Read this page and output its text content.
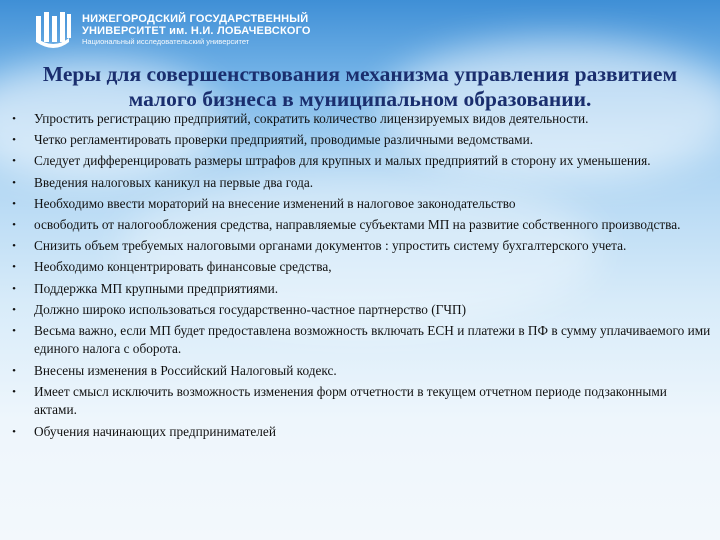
НИЖЕГОРОДСКИЙ ГОСУДАРСТВЕННЫЙ
УНИВЕРСИТЕТ им. Н.И. ЛОБАЧЕВСКОГО
Национальный исследовательский университет
Меры для совершенствования механизма управления развитием малого бизнеса в муниципальном образовании.
•	Упростить регистрацию предприятий, сократить количество лицензируемых видов деятельности.
•	Четко регламентировать проверки предприятий, проводимые различными ведомствами.
•	Следует дифференцировать размеры штрафов для крупных и малых предприятий в сторону их уменьшения.
•	Введения налоговых каникул на первые два года.
•	Необходимо ввести мораторий на внесение изменений в налоговое законодательство
•	освободить от налогообложения средства, направляемые субъектами МП на развитие собственного производства.
•	Снизить объем требуемых налоговыми органами документов : упростить систему бухгалтерского учета.
•	Необходимо концентрировать финансовые средства,
•	Поддержка МП крупными предприятиями.
•	Должно широко использоваться государственно-частное партнерство (ГЧП)
•	Весьма важно, если МП будет предоставлена возможность включать ЕСН и платежи в ПФ в сумму уплачиваемого ими единого налога с оборота.
•	Внесены изменения в Российский Налоговый кодекс.
•	Имеет смысл исключить возможность изменения форм отчетности в текущем отчетном периоде подзаконными актами.
•	Обучения начинающих предпринимателей
